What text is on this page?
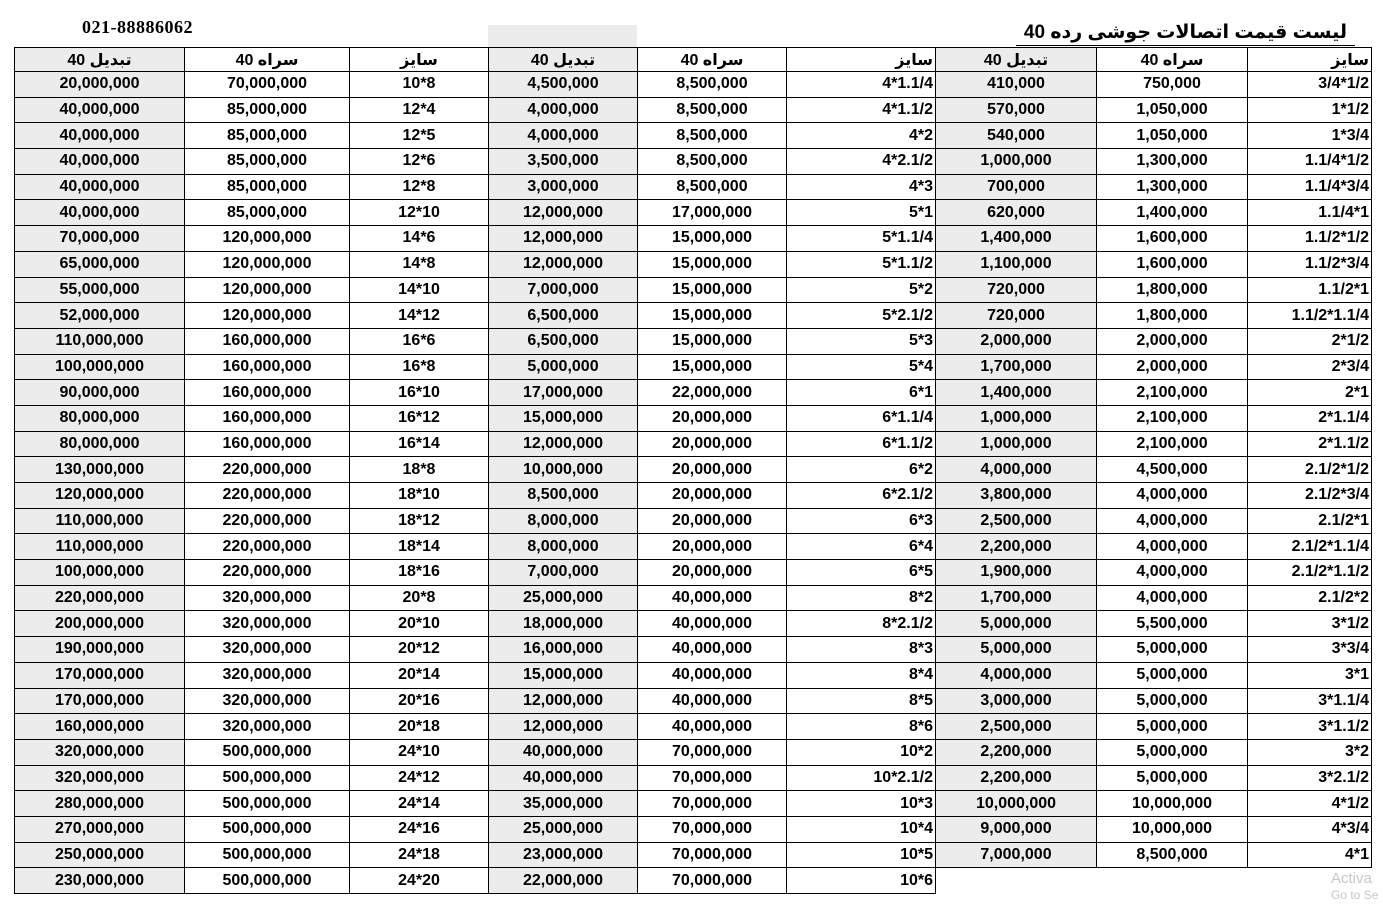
021-88886062	لیست قیمت اتصالات جوشی رده 40
تبدیل 40	سراه 40	سایز	تبدیل 40	سراه 40	سایز	تبدیل 40	سراه 40	سایز
20,000,000	70,000,000	10*8	4,500,000	8,500,000	4*1.1/4	410,000	750,000	3/4*1/2
40,000,000	85,000,000	12*4	4,000,000	8,500,000	4*1.1/2	570,000	1,050,000	1*1/2
40,000,000	85,000,000	12*5	4,000,000	8,500,000	4*2	540,000	1,050,000	1*3/4
40,000,000	85,000,000	12*6	3,500,000	8,500,000	4*2.1/2	1,000,000	1,300,000	1.1/4*1/2
40,000,000	85,000,000	12*8	3,000,000	8,500,000	4*3	700,000	1,300,000	1.1/4*3/4
40,000,000	85,000,000	12*10	12,000,000	17,000,000	5*1	620,000	1,400,000	1.1/4*1
70,000,000	120,000,000	14*6	12,000,000	15,000,000	5*1.1/4	1,400,000	1,600,000	1.1/2*1/2
65,000,000	120,000,000	14*8	12,000,000	15,000,000	5*1.1/2	1,100,000	1,600,000	1.1/2*3/4
55,000,000	120,000,000	14*10	7,000,000	15,000,000	5*2	720,000	1,800,000	1.1/2*1
52,000,000	120,000,000	14*12	6,500,000	15,000,000	5*2.1/2	720,000	1,800,000	1.1/2*1.1/4
110,000,000	160,000,000	16*6	6,500,000	15,000,000	5*3	2,000,000	2,000,000	2*1/2
100,000,000	160,000,000	16*8	5,000,000	15,000,000	5*4	1,700,000	2,000,000	2*3/4
90,000,000	160,000,000	16*10	17,000,000	22,000,000	6*1	1,400,000	2,100,000	2*1
80,000,000	160,000,000	16*12	15,000,000	20,000,000	6*1.1/4	1,000,000	2,100,000	2*1.1/4
80,000,000	160,000,000	16*14	12,000,000	20,000,000	6*1.1/2	1,000,000	2,100,000	2*1.1/2
130,000,000	220,000,000	18*8	10,000,000	20,000,000	6*2	4,000,000	4,500,000	2.1/2*1/2
120,000,000	220,000,000	18*10	8,500,000	20,000,000	6*2.1/2	3,800,000	4,000,000	2.1/2*3/4
110,000,000	220,000,000	18*12	8,000,000	20,000,000	6*3	2,500,000	4,000,000	2.1/2*1
110,000,000	220,000,000	18*14	8,000,000	20,000,000	6*4	2,200,000	4,000,000	2.1/2*1.1/4
100,000,000	220,000,000	18*16	7,000,000	20,000,000	6*5	1,900,000	4,000,000	2.1/2*1.1/2
220,000,000	320,000,000	20*8	25,000,000	40,000,000	8*2	1,700,000	4,000,000	2.1/2*2
200,000,000	320,000,000	20*10	18,000,000	40,000,000	8*2.1/2	5,000,000	5,500,000	3*1/2
190,000,000	320,000,000	20*12	16,000,000	40,000,000	8*3	5,000,000	5,000,000	3*3/4
170,000,000	320,000,000	20*14	15,000,000	40,000,000	8*4	4,000,000	5,000,000	3*1
170,000,000	320,000,000	20*16	12,000,000	40,000,000	8*5	3,000,000	5,000,000	3*1.1/4
160,000,000	320,000,000	20*18	12,000,000	40,000,000	8*6	2,500,000	5,000,000	3*1.1/2
320,000,000	500,000,000	24*10	40,000,000	70,000,000	10*2	2,200,000	5,000,000	3*2
320,000,000	500,000,000	24*12	40,000,000	70,000,000	10*2.1/2	2,200,000	5,000,000	3*2.1/2
280,000,000	500,000,000	24*14	35,000,000	70,000,000	10*3	10,000,000	10,000,000	4*1/2
270,000,000	500,000,000	24*16	25,000,000	70,000,000	10*4	9,000,000	10,000,000	4*3/4
250,000,000	500,000,000	24*18	23,000,000	70,000,000	10*5	7,000,000	8,500,000	4*1
230,000,000	500,000,000	24*20	22,000,000	70,000,000	10*6				Activa
Go to Se
